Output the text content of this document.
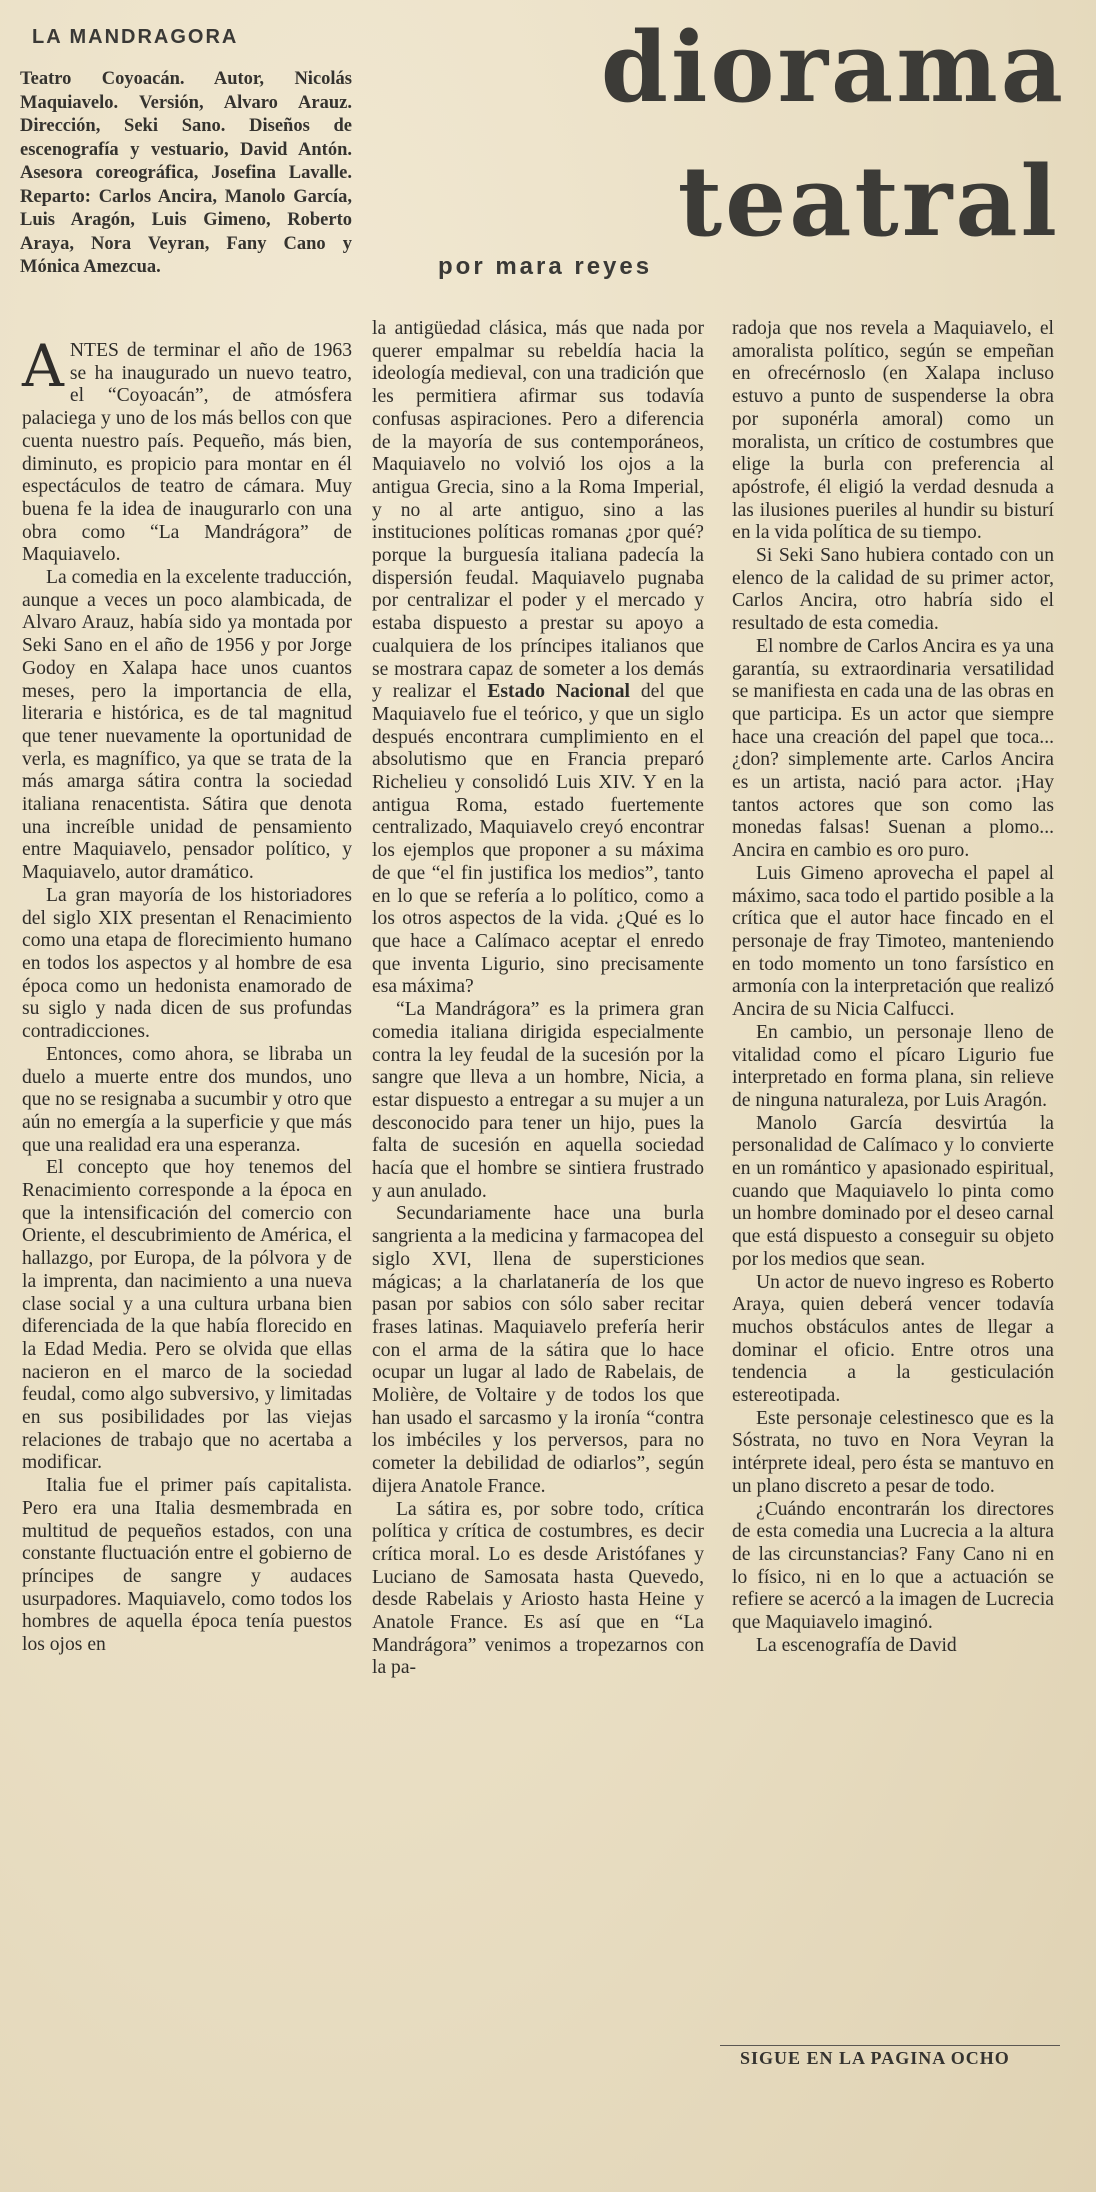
LA MANDRAGORA
Teatro Coyoacán. Autor, Nicolás Maquiavelo. Versión, Alvaro Arauz. Dirección, Seki Sano. Diseños de escenografía y vestuario, David Antón. Asesora coreográfica, Josefina Lavalle. Reparto: Carlos Ancira, Manolo García, Luis Aragón, Luis Gimeno, Roberto Araya, Nora Veyran, Fany Cano y Mónica Amezcua.
diorama
teatral
por mara reyes

ANTES de terminar el año de 1963 se ha inaugurado un nuevo teatro, el “Coyoacán”, de atmósfera palaciega y uno de los más bellos con que cuenta nuestro país. Pequeño, más bien, diminuto, es propicio para montar en él espectáculos de teatro de cámara. Muy buena fe la idea de inaugurarlo con una obra como “La Mandrágora” de Maquiavelo.

La comedia en la excelente traducción, aunque a veces un poco alambicada, de Alvaro Arauz, había sido ya montada por Seki Sano en el año de 1956 y por Jorge Godoy en Xalapa hace unos cuantos meses, pero la importancia de ella, literaria e histórica, es de tal magnitud que tener nuevamente la oportunidad de verla, es magnífico, ya que se trata de la más amarga sátira contra la sociedad italiana renacentista. Sátira que denota una increíble unidad de pensamiento entre Maquiavelo, pensador político, y Maquiavelo, autor dramático.

La gran mayoría de los historiadores del siglo XIX presentan el Renacimiento como una etapa de florecimiento humano en todos los aspectos y al hombre de esa época como un hedonista enamorado de su siglo y nada dicen de sus profundas contradicciones.

Entonces, como ahora, se libraba un duelo a muerte entre dos mundos, uno que no se resignaba a sucumbir y otro que aún no emergía a la superficie y que más que una realidad era una esperanza.

El concepto que hoy tenemos del Renacimiento corresponde a la época en que la intensificación del comercio con Oriente, el descubrimiento de América, el hallazgo, por Europa, de la pólvora y de la imprenta, dan nacimiento a una nueva clase social y a una cultura urbana bien diferenciada de la que había florecido en la Edad Media. Pero se olvida que ellas nacieron en el marco de la sociedad feudal, como algo subversivo, y limitadas en sus posibilidades por las viejas relaciones de trabajo que no acertaba a modificar.

Italia fue el primer país capitalista. Pero era una Italia desmembrada en multitud de pequeños estados, con una constante fluctuación entre el gobierno de príncipes de sangre y audaces usurpadores. Maquiavelo, como todos los hombres de aquella época tenía puestos los ojos en

la antigüedad clásica, más que nada por querer empalmar su rebeldía hacia la ideología medieval, con una tradición que les permitiera afirmar sus todavía confusas aspiraciones. Pero a diferencia de la mayoría de sus contemporáneos, Maquiavelo no volvió los ojos a la antigua Grecia, sino a la Roma Imperial, y no al arte antiguo, sino a las instituciones políticas romanas ¿por qué? porque la burguesía italiana padecía la dispersión feudal. Maquiavelo pugnaba por centralizar el poder y el mercado y estaba dispuesto a prestar su apoyo a cualquiera de los príncipes italianos que se mostrara capaz de someter a los demás y realizar el Estado Nacional del que Maquiavelo fue el teórico, y que un siglo después encontrara cumplimiento en el absolutismo que en Francia preparó Richelieu y consolidó Luis XIV. Y en la antigua Roma, estado fuertemente centralizado, Maquiavelo creyó encontrar los ejemplos que proponer a su máxima de que “el fin justifica los medios”, tanto en lo que se refería a lo político, como a los otros aspectos de la vida. ¿Qué es lo que hace a Calímaco aceptar el enredo que inventa Ligurio, sino precisamente esa máxima?

“La Mandrágora” es la primera gran comedia italiana dirigida especialmente contra la ley feudal de la sucesión por la sangre que lleva a un hombre, Nicia, a estar dispuesto a entregar a su mujer a un desconocido para tener un hijo, pues la falta de sucesión en aquella sociedad hacía que el hombre se sintiera frustrado y aun anulado.

Secundariamente hace una burla sangrienta a la medicina y farmacopea del siglo XVI, llena de supersticiones mágicas; a la charlatanería de los que pasan por sabios con sólo saber recitar frases latinas. Maquiavelo prefería herir con el arma de la sátira que lo hace ocupar un lugar al lado de Rabelais, de Molière, de Voltaire y de todos los que han usado el sarcasmo y la ironía “contra los imbéciles y los perversos, para no cometer la debilidad de odiarlos”, según dijera Anatole France.

La sátira es, por sobre todo, crítica política y crítica de costumbres, es decir crítica moral. Lo es desde Aristófanes y Luciano de Samosata hasta Quevedo, desde Rabelais y Ariosto hasta Heine y Anatole France. Es así que en “La Mandrágora” venimos a tropezarnos con la pa-

radoja que nos revela a Maquiavelo, el amoralista político, según se empeñan en ofrecérnoslo (en Xalapa incluso estuvo a punto de suspenderse la obra por suponérla amoral) como un moralista, un crítico de costumbres que elige la burla con preferencia al apóstrofe, él eligió la verdad desnuda a las ilusiones pueriles al hundir su bisturí en la vida política de su tiempo.

Si Seki Sano hubiera contado con un elenco de la calidad de su primer actor, Carlos Ancira, otro habría sido el resultado de esta comedia.

El nombre de Carlos Ancira es ya una garantía, su extraordinaria versatilidad se manifiesta en cada una de las obras en que participa. Es un actor que siempre hace una creación del papel que toca... ¿don? simplemente arte. Carlos Ancira es un artista, nació para actor. ¡Hay tantos actores que son como las monedas falsas! Suenan a plomo... Ancira en cambio es oro puro.

Luis Gimeno aprovecha el papel al máximo, saca todo el partido posible a la crítica que el autor hace fincado en el personaje de fray Timoteo, manteniendo en todo momento un tono farsístico en armonía con la interpretación que realizó Ancira de su Nicia Calfucci.

En cambio, un personaje lleno de vitalidad como el pícaro Ligurio fue interpretado en forma plana, sin relieve de ninguna naturaleza, por Luis Aragón.

Manolo García desvirtúa la personalidad de Calímaco y lo convierte en un romántico y apasionado espiritual, cuando que Maquiavelo lo pinta como un hombre dominado por el deseo carnal que está dispuesto a conseguir su objeto por los medios que sean.

Un actor de nuevo ingreso es Roberto Araya, quien deberá vencer todavía muchos obstáculos antes de llegar a dominar el oficio. Entre otros una tendencia a la gesticulación estereotipada.

Este personaje celestinesco que es la Sóstrata, no tuvo en Nora Veyran la intérprete ideal, pero ésta se mantuvo en un plano discreto a pesar de todo.

¿Cuándo encontrarán los directores de esta comedia una Lucrecia a la altura de las circunstancias? Fany Cano ni en lo físico, ni en lo que a actuación se refiere se acercó a la imagen de Lucrecia que Maquiavelo imaginó.

La escenografía de David

SIGUE EN LA PAGINA OCHO
